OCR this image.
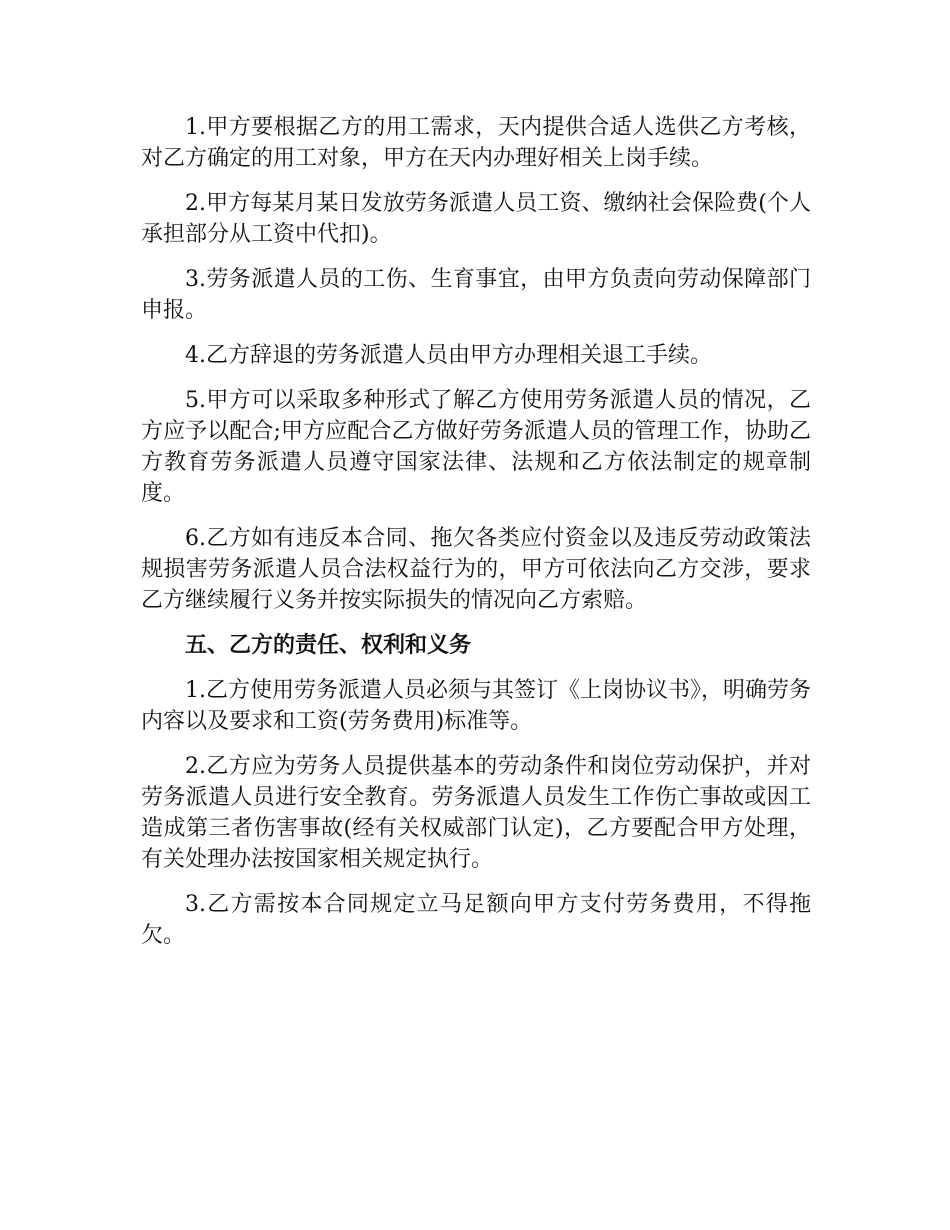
1.甲方要根据乙方的用工需求，天内提供合适人选供乙方考核，对乙方确定的用工对象，甲方在天内办理好相关上岗手续。

2.甲方每某月某日发放劳务派遣人员工资、缴纳社会保险费(个人承担部分从工资中代扣)。

3.劳务派遣人员的工伤、生育事宜，由甲方负责向劳动保障部门申报。

4.乙方辞退的劳务派遣人员由甲方办理相关退工手续。

5.甲方可以采取多种形式了解乙方使用劳务派遣人员的情况，乙方应予以配合;甲方应配合乙方做好劳务派遣人员的管理工作，协助乙方教育劳务派遣人员遵守国家法律、法规和乙方依法制定的规章制度。

6.乙方如有违反本合同、拖欠各类应付资金以及违反劳动政策法规损害劳务派遣人员合法权益行为的，甲方可依法向乙方交涉，要求乙方继续履行义务并按实际损失的情况向乙方索赔。

五、乙方的责任、权利和义务

1.乙方使用劳务派遣人员必须与其签订《上岗协议书》，明确劳务内容以及要求和工资(劳务费用)标准等。

2.乙方应为劳务人员提供基本的劳动条件和岗位劳动保护，并对劳务派遣人员进行安全教育。劳务派遣人员发生工作伤亡事故或因工造成第三者伤害事故(经有关权威部门认定)，乙方要配合甲方处理，有关处理办法按国家相关规定执行。

3.乙方需按本合同规定立马足额向甲方支付劳务费用，不得拖欠。
